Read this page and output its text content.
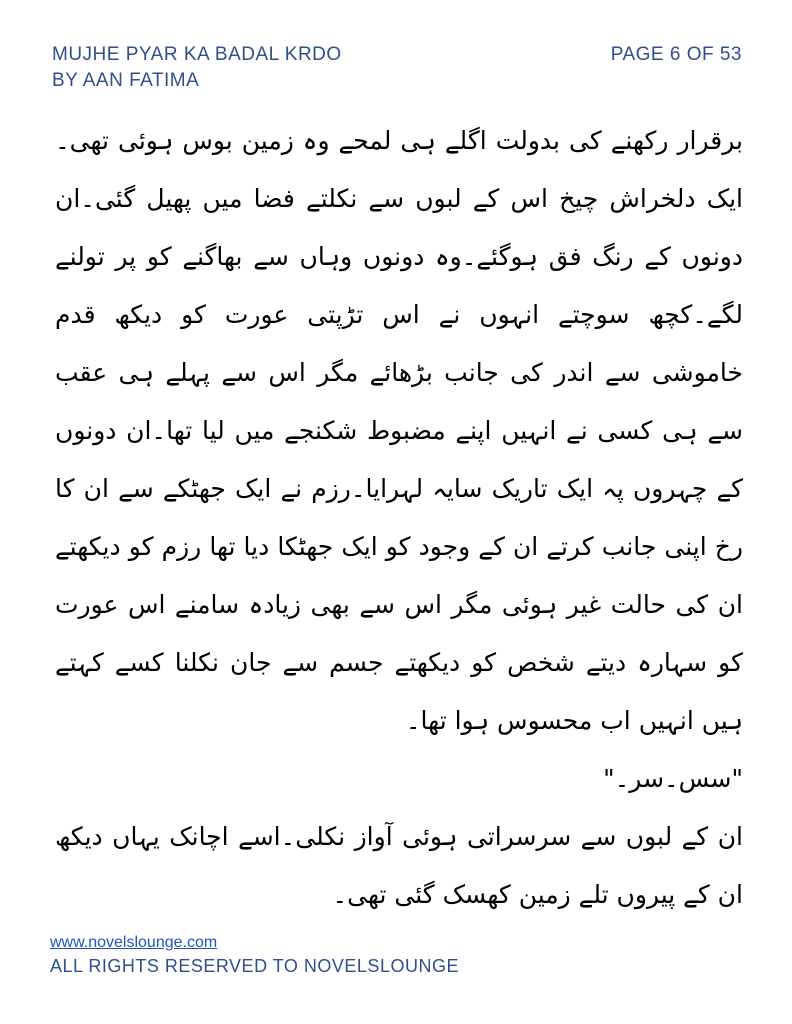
MUJHE PYAR KA BADAL KRDO	PAGE 6 OF 53
BY AAN FATIMA

برقرار رکھنے کی بدولت اگلے ہی لمحے وہ زمین بوس ہوئی تھی۔ایک دلخراش چیخ اس کے لبوں سے نکلتے فضا میں پھیل گئی۔ان دونوں کے رنگ فق ہوگئے۔وہ دونوں وہاں سے بھاگنے کو پر تولنے لگے۔کچھ سوچتے انہوں نے اس تڑپتی عورت کو دیکھ قدم خاموشی سے اندر کی جانب بڑھائے مگر اس سے پہلے ہی عقب سے ہی کسی نے انہیں اپنے مضبوط شکنجے میں لیا تھا۔ان دونوں کے چہروں پہ ایک تاریک سایہ لہرایا۔رزم نے ایک جھٹکے سے ان کا رخ اپنی جانب کرتے ان کے وجود کو ایک جھٹکا دیا تھا رزم کو دیکھتے ان کی حالت غیر ہوئی مگر اس سے بھی زیادہ سامنے اس عورت کو سہارہ دیتے شخص کو دیکھتے جسم سے جان نکلنا کسے کہتے ہیں انہیں اب محسوس ہوا تھا۔

"سس۔سر۔"

ان کے لبوں سے سرسراتی ہوئی آواز نکلی۔اسے اچانک یہاں دیکھ ان کے پیروں تلے زمین کھسک گئی تھی۔

www.novelslounge.com
ALL RIGHTS RESERVED TO NOVELSLOUNGE
